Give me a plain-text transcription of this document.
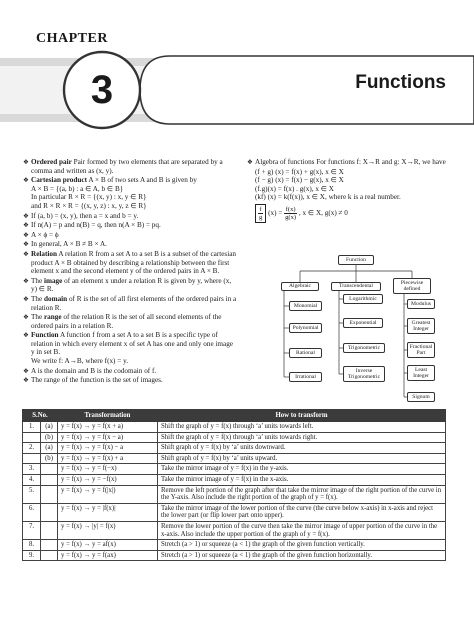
CHAPTER
3	Functions
❖ Ordered pair Pair formed by two elements that are separated by a comma and written as (x, y).
❖ Cartesian product A × B of two sets A and B is given by
A × B = {(a, b) : a ∈ A, b ∈ B}
In particular R × R = {(x, y) : x, y ∈ R}
and R × R × R = {(x, y, z) : x, y, z ∈ R}
❖ If (a, b) = (x, y), then a = x and b = y.
❖ If n(A) = p and n(B) = q, then n(A × B) = pq.
❖ A × ϕ = ϕ
❖ In general, A × B ≠ B × A.
❖ Relation A relation R from a set A to a set B is a subset of the cartesian product A × B obtained by describing a relationship between the first element x and the second element y of the ordered pairs in A × B.
❖ The image of an element x under a relation R is given by y, where (x, y) ∈ R.
❖ The domain of R is the set of all first elements of the ordered pairs in a relation R.
❖ The range of the relation R is the set of all second elements of the ordered pairs in a relation R.
❖ Function A function f from a set A to a set B is a specific type of relation in which every element x of set A has one and only one image y in set B.
We write f: A→B, where f(x) = y.
❖ A is the domain and B is the codomain of f.
❖ The range of the function is the set of images.
❖ Algebra of functions For functions f: X→R and g: X→R, we have
(f + g) (x) = f(x) + g(x), x ∈ X
(f − g) (x) = f(x) − g(x), x ∈ X
(f.g)(x) = f(x) . g(x), x ∈ X
(kf) (x) = k(f(x)), x ∈ X, where k is a real number.
$\frac{f}{g} (x) = \frac{f(x)}{g(x)}$ , x ∈ X, g(x) ≠ 0
Function
Algebraic	Transcendental
Piecewise defined
Monomial
Polynomial
Rational
Irrational
Logarithmic
Exponential
Trigonometric
Inverse Trigonometric
Modulus
Greatest Integer
Fractional Part
Least Integer
Signum
S.No.		Transformation	How to transform
1.	(a)	y = f(x) → y = f(x + a)	Shift the graph of y = f(x) through ‘a’ units towards left.
	(b)	y = f(x) → y = f(x − a)	Shift the graph of y = f(x) through ‘a’ units towards right.
2.	(a)	y = f(x) → y = f(x) − a	Shift graph of y = f(x) by ‘a’ units downward.
	(b)	y = f(x) → y = f(x) + a	Shift graph of y = f(x) by ‘a’ units upward.
3.		y = f(x) → y = f(−x)	Take the mirror image of y = f(x) in the y-axis.
4.		y = f(x) → y = −f(x)	Take the mirror image of y = f(x) in the x-axis.
5.		y = f(x) → y = f(|x|)	Remove the left portion of the graph after that take the mirror image of the right portion of the curve in the Y-axis. Also include the right portion of the graph of y = f(x).
6.		y = f(x) → y = |f(x)|	Take the mirror image of the lower portion of the curve (the curve below x-axis) in x-axis and reject the lower part (or flip lower part onto upper).
7.		y = f(x) → |y| = f(x)	Remove the lower portion of the curve then take the mirror image of upper portion of the curve in the x-axis. Also include the upper portion of the graph of y = f(x).
8.		y = f(x) → y = af(x)	Stretch (a > 1) or squeeze (a < 1) the graph of the given function vertically.
9.		y = f(x) → y = f(ax)	Stretch (a > 1) or squeeze (a < 1) the graph of the given function horizontally.
